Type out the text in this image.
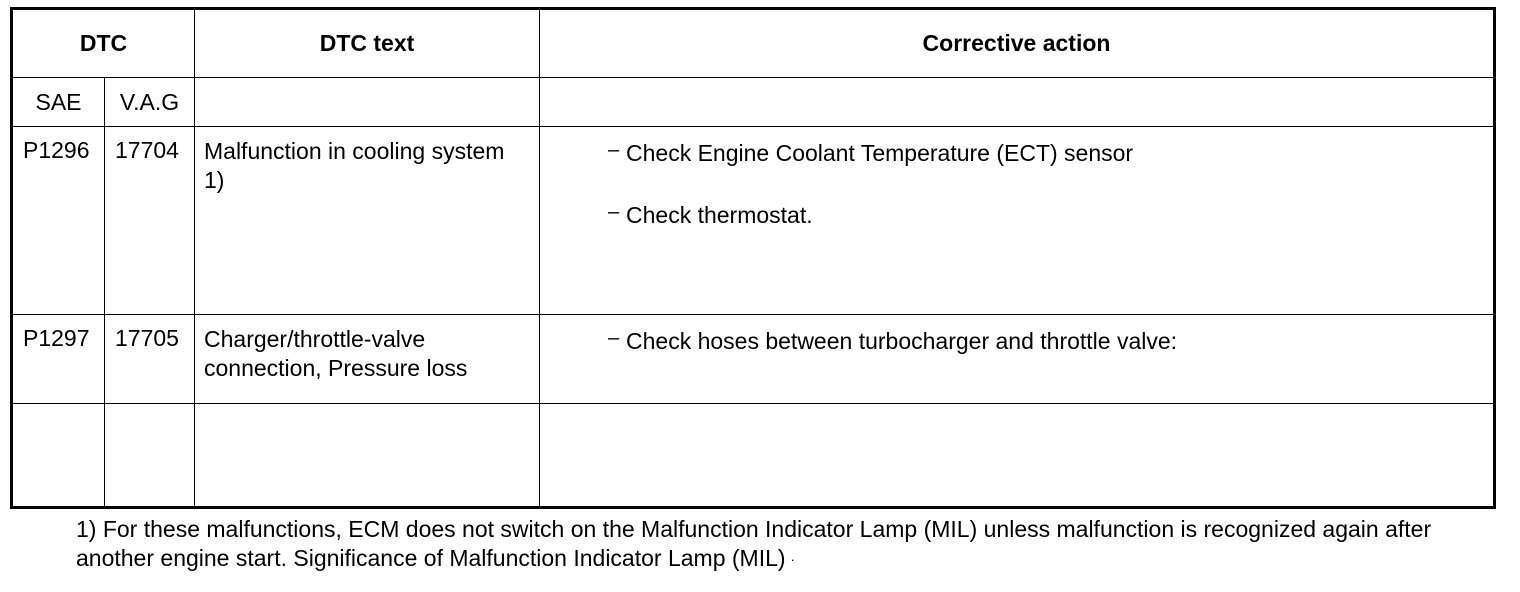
DTC		DTC text	Corrective action
SAE	V.A.G		
P1296	17704	Malfunction in cooling system 1)	– Check Engine Coolant Temperature (ECT) sensor
– Check thermostat.

P1297	17705	Charger/throttle-valve connection, Pressure loss	– Check hoses between turbocharger and throttle valve:

1) For these malfunctions, ECM does not switch on the Malfunction Indicator Lamp (MIL) unless malfunction is recognized again after another engine start. Significance of Malfunction Indicator Lamp (MIL) ·
